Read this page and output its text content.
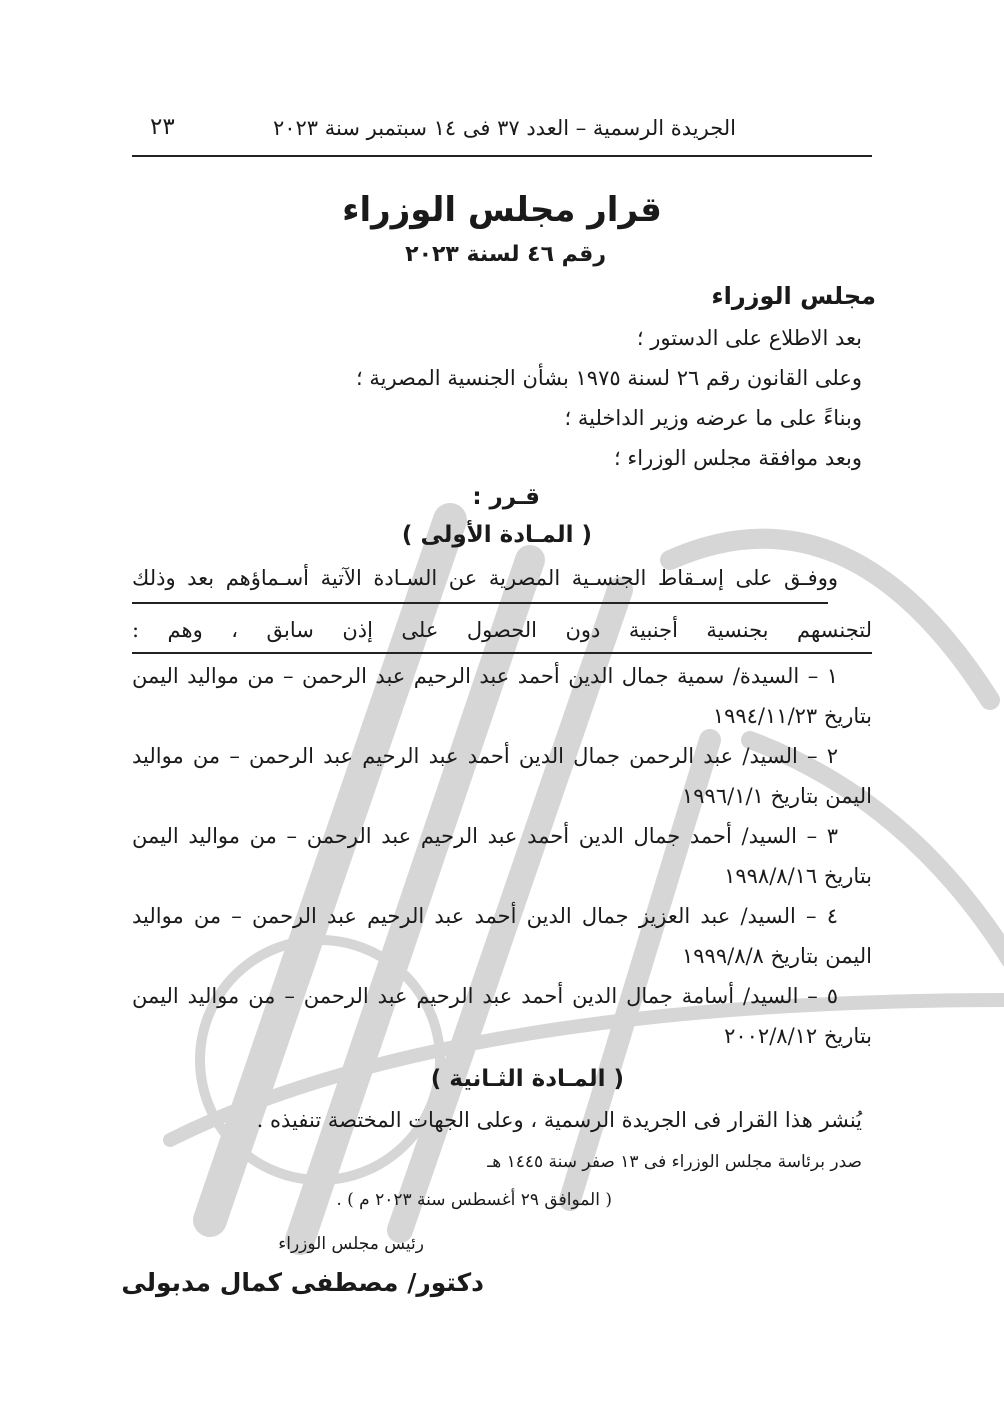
الجريدة الرسمية – العدد ٣٧ فى ١٤ سبتمبر سنة ٢٠٢٣
٢٣
قرار مجلس الوزراء
رقم ٤٦ لسنة ٢٠٢٣
مجلس الوزراء
بعد الاطلاع على الدستور ؛
وعلى القانون رقم ٢٦ لسنة ١٩٧٥ بشأن الجنسية المصرية ؛
وبناءً على ما عرضه وزير الداخلية ؛
وبعد موافقة مجلس الوزراء ؛
قـرر :
( المـادة الأولى )
ووفـق على إسـقاط الجنسـية المصرية عن السـادة الآتية أسـماؤهم بعد وذلك
لتجنسهم بجنسية أجنبية دون الحصول على إذن سابق ، وهم :
١ – السيدة/ سمية جمال الدين أحمد عبد الرحيم عبد الرحمن – من مواليد اليمن
بتاريخ ١٩٩٤/١١/٢٣
٢ – السيد/ عبد الرحمن جمال الدين أحمد عبد الرحيم عبد الرحمن – من مواليد
اليمن بتاريخ ١٩٩٦/١/١
٣ – السيد/ أحمد جمال الدين أحمد عبد الرحيم عبد الرحمن – من مواليد اليمن
بتاريخ ١٩٩٨/٨/١٦
٤ – السيد/ عبد العزيز جمال الدين أحمد عبد الرحيم عبد الرحمن – من مواليد
اليمن بتاريخ ١٩٩٩/٨/٨
٥ – السيد/ أسامة جمال الدين أحمد عبد الرحيم عبد الرحمن – من مواليد اليمن
بتاريخ ٢٠٠٢/٨/١٢
( المـادة الثـانية )
يُنشر هذا القرار فى الجريدة الرسمية ، وعلى الجهات المختصة تنفيذه .
صدر برئاسة مجلس الوزراء فى ١٣ صفر سنة ١٤٤٥ هـ
( الموافق ٢٩ أغسطس سنة ٢٠٢٣ م ) .
رئيس مجلس الوزراء
دكتور/ مصطفى كمال مدبولى
